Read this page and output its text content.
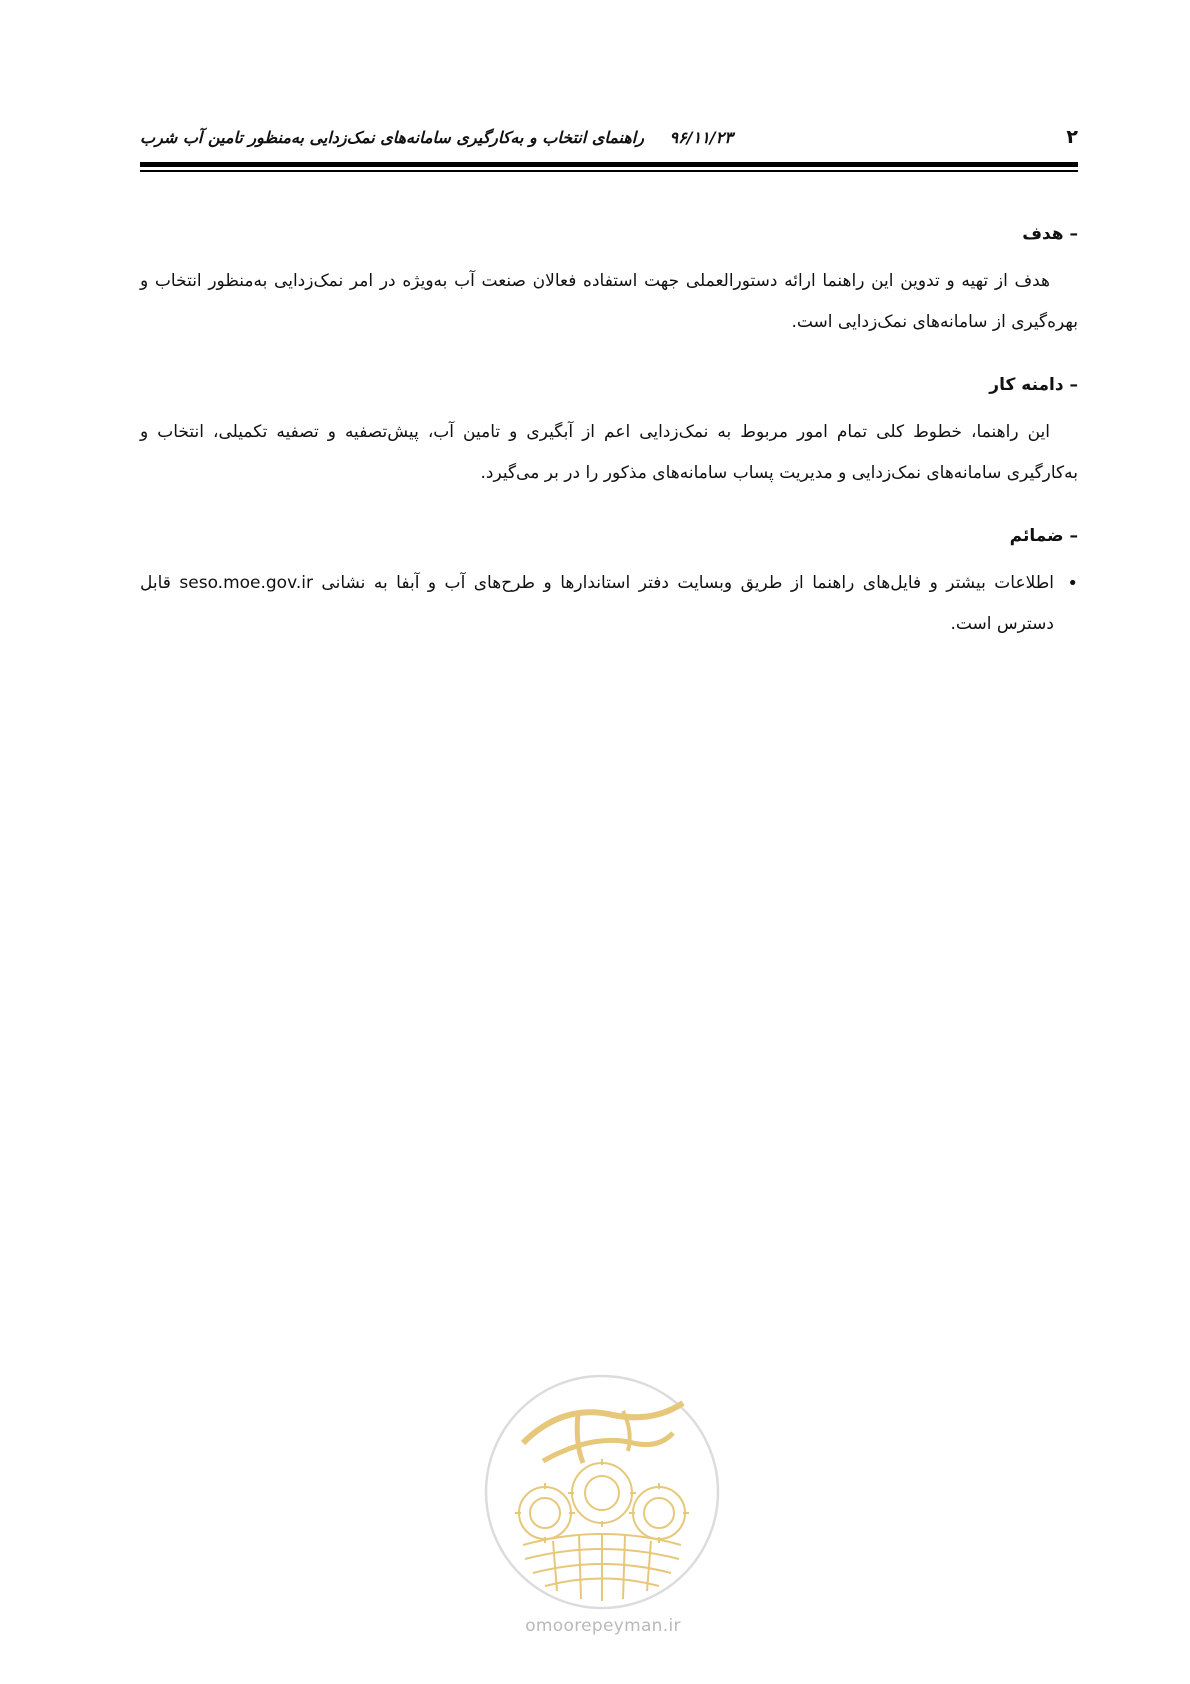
۲
۹۶/۱۱/۲۳ راهنمای انتخاب و به‌کارگیری سامانه‌های نمک‌زدایی به‌منظور تامین آب شرب

– هدف

هدف از تهیه و تدوین این راهنما ارائه دستورالعملی جهت استفاده فعالان صنعت آب به‌ویژه در امر نمک‌زدایی به‌منظور انتخاب و بهره‌گیری از سامانه‌های نمک‌زدایی است.

– دامنه کار

این راهنما، خطوط کلی تمام امور مربوط به نمک‌زدایی اعم از آبگیری و تامین آب، پیش‌تصفیه و تصفیه تکمیلی، انتخاب و به‌کارگیری سامانه‌های نمک‌زدایی و مدیریت پساب سامانه‌های مذکور را در بر می‌گیرد.

– ضمائم

•
اطلاعات بیشتر و فایل‌های راهنما از طریق وبسایت دفتر استاندارها و طرح‌های آب و آبفا به نشانی seso.moe.gov.ir قابل دسترس است.
omoorepeyman.ir
